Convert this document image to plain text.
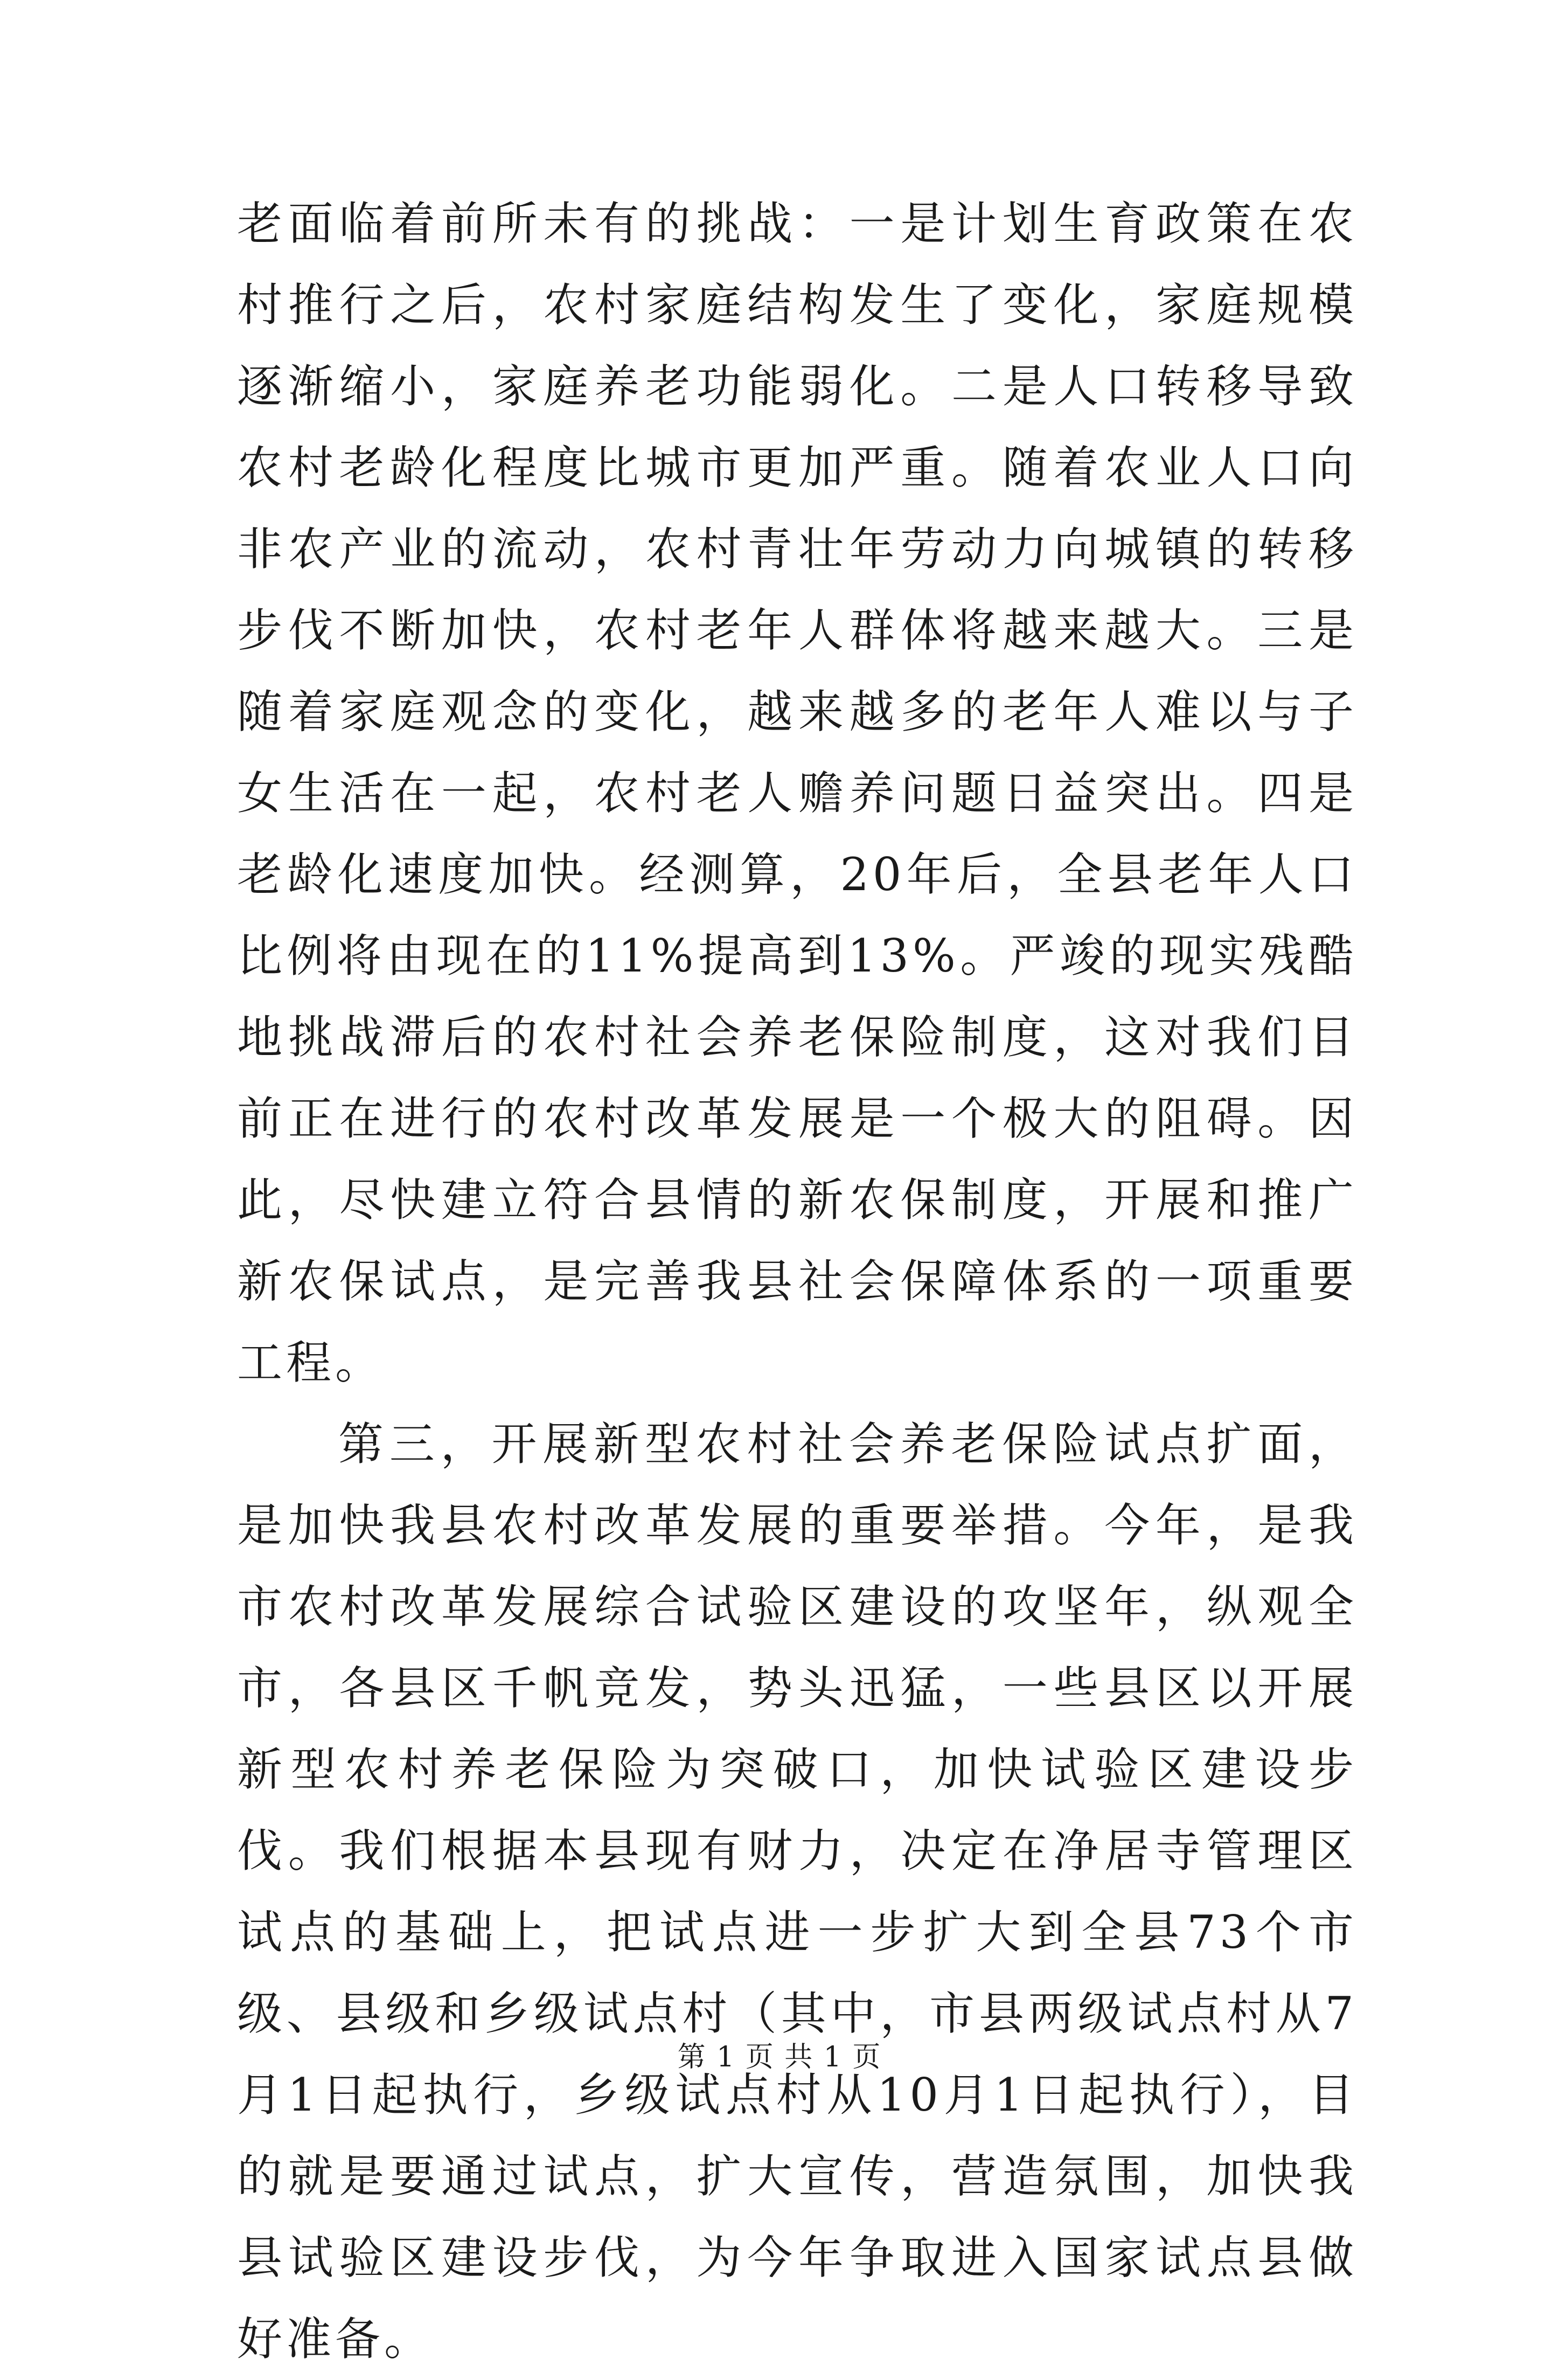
老面临着前所未有的挑战：一是计划生育政策在农村推行之后，农村家庭结构发生了变化，家庭规模逐渐缩小，家庭养老功能弱化。二是人口转移导致农村老龄化程度比城市更加严重。随着农业人口向非农产业的流动，农村青壮年劳动力向城镇的转移步伐不断加快，农村老年人群体将越来越大。三是随着家庭观念的变化，越来越多的老年人难以与子女生活在一起，农村老人赡养问题日益突出。四是老龄化速度加快。经测算，20年后，全县老年人口比例将由现在的11%提高到13%。严竣的现实残酷地挑战滞后的农村社会养老保险制度，这对我们目前正在进行的农村改革发展是一个极大的阻碍。因此，尽快建立符合县情的新农保制度，开展和推广新农保试点，是完善我县社会保障体系的一项重要工程。

第三，开展新型农村社会养老保险试点扩面，是加快我县农村改革发展的重要举措。今年，是我市农村改革发展综合试验区建设的攻坚年，纵观全市，各县区千帆竞发，势头迅猛，一些县区以开展新型农村养老保险为突破口，加快试验区建设步伐。我们根据本县现有财力，决定在净居寺管理区试点的基础上，把试点进一步扩大到全县73个市级、县级和乡级试点村（其中，市县两级试点村从7月1日起执行，乡级试点村从10月1日起执行），目的就是要通过试点，扩大宣传，营造氛围，加快我县试验区建设步伐，为今年争取进入国家试点县做好准备。

第 1 页 共 1 页
